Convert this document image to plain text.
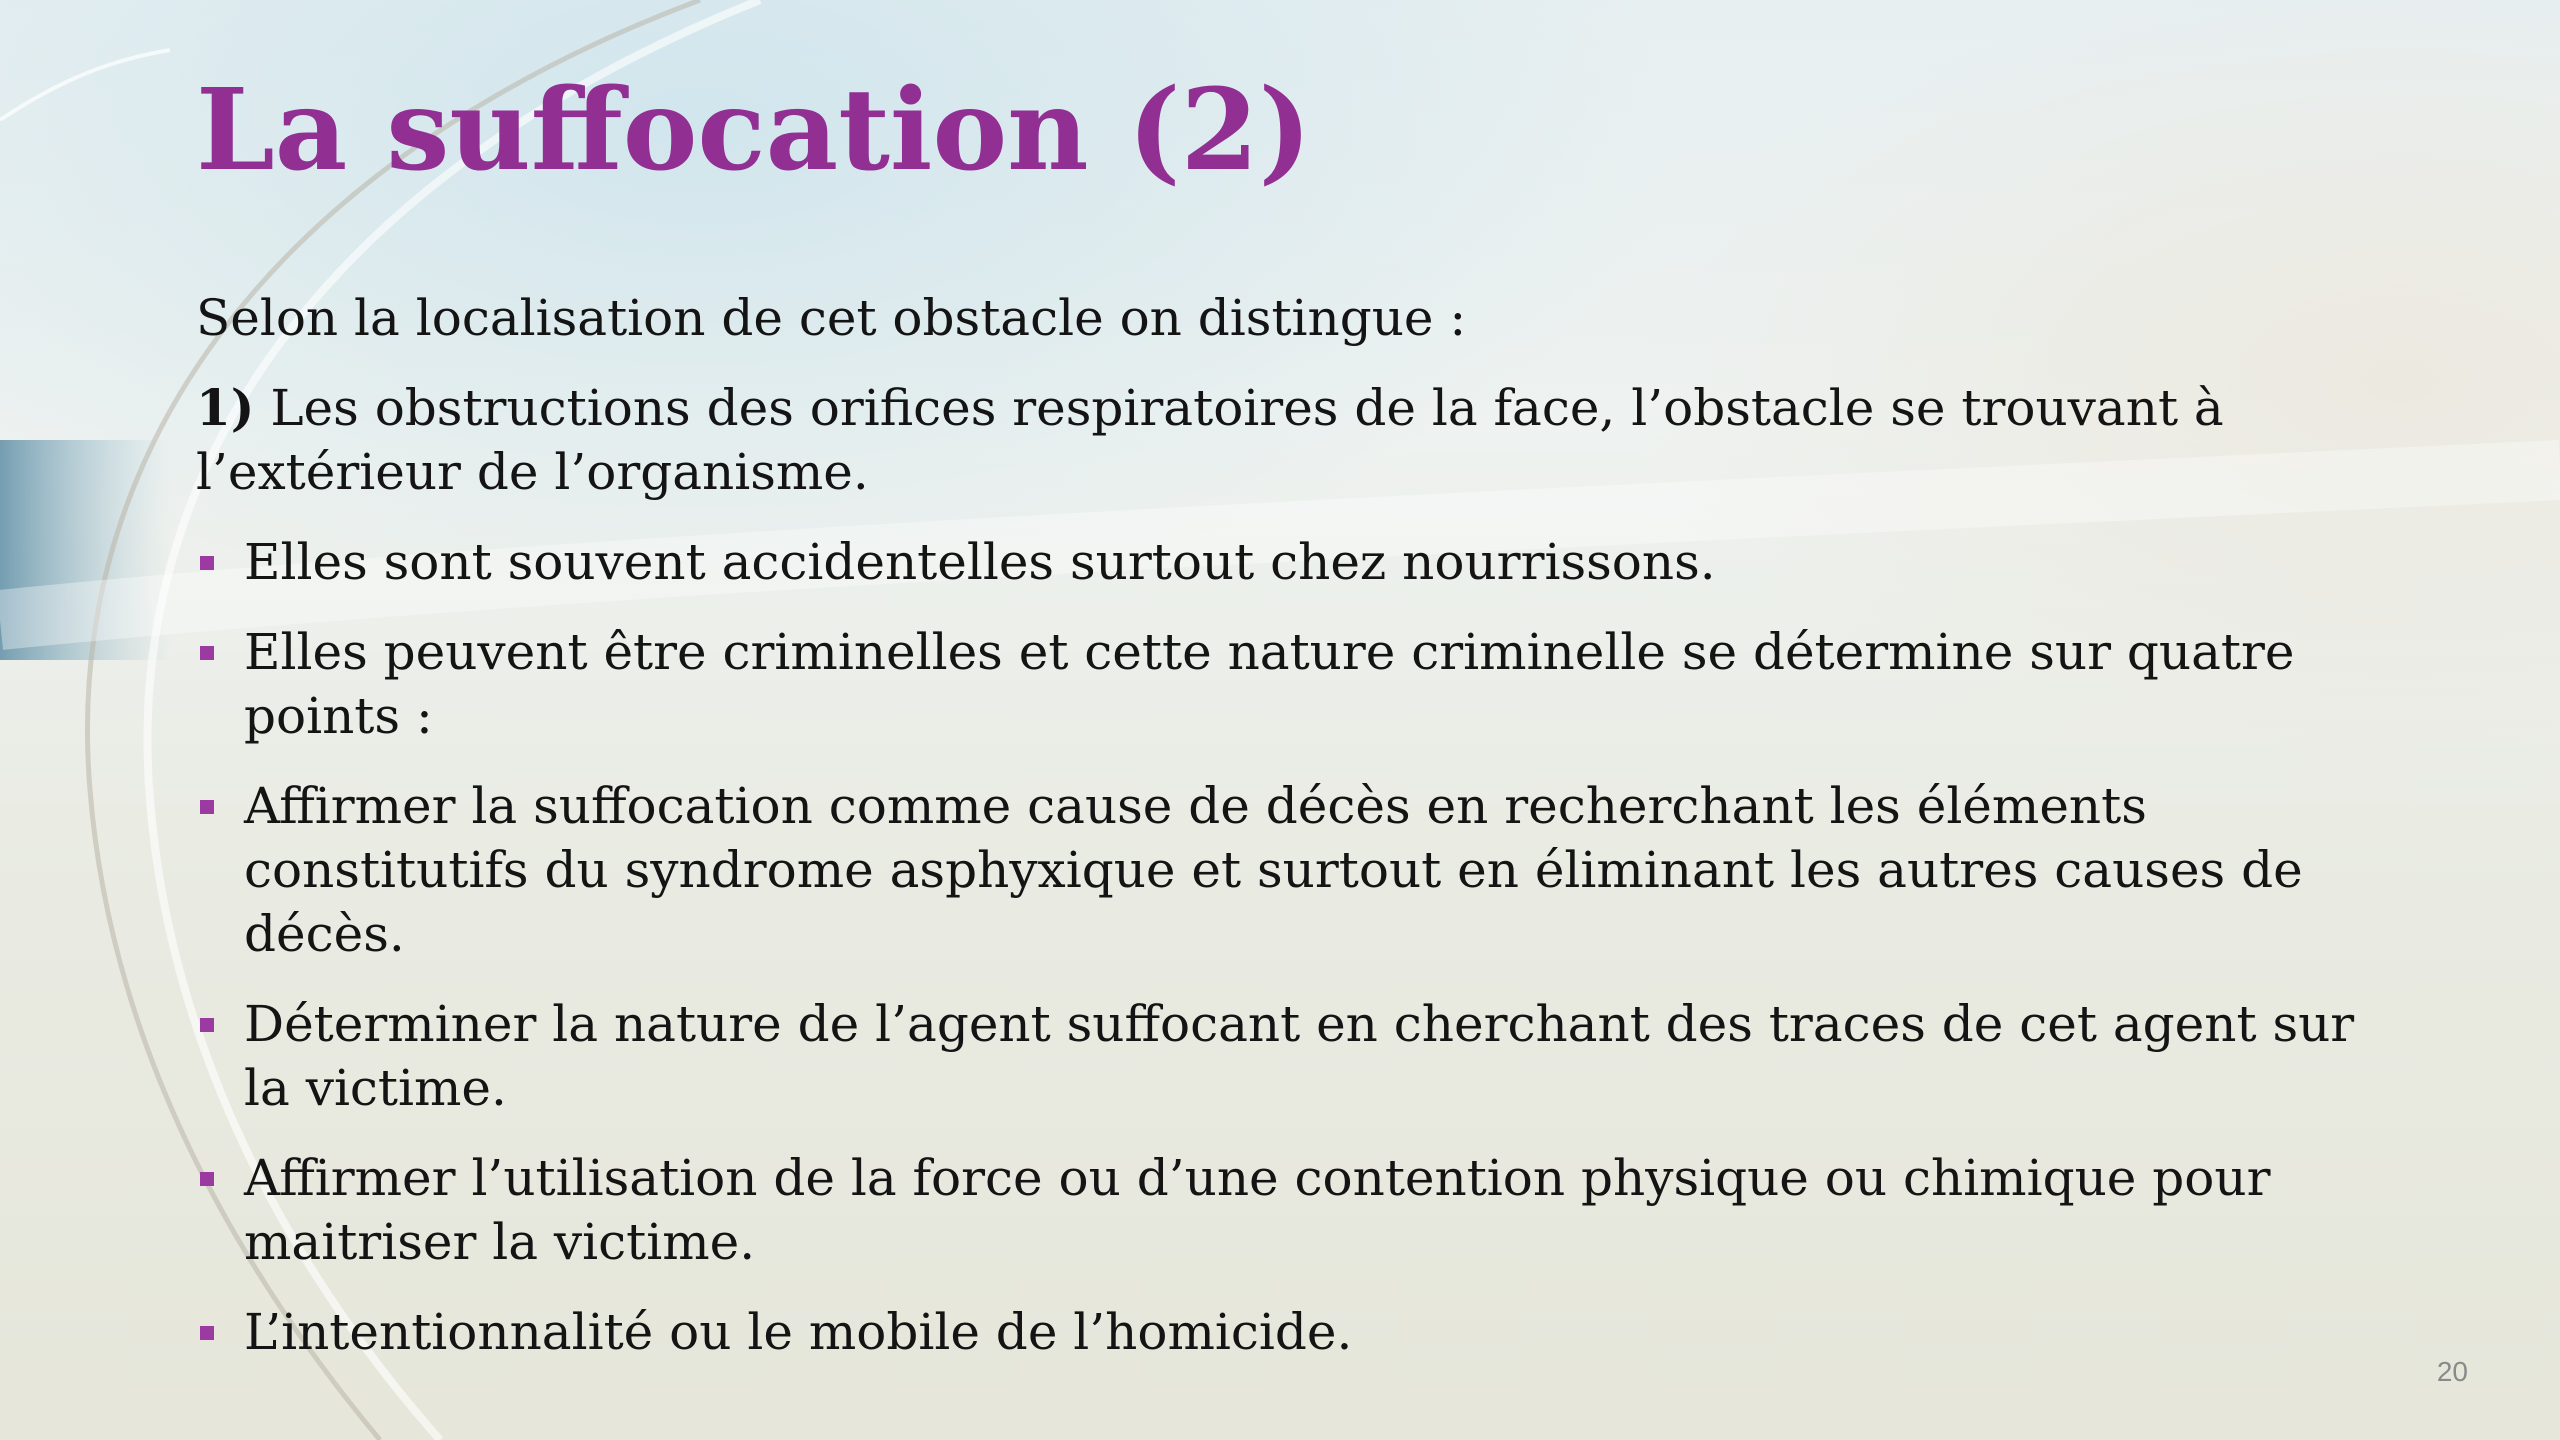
La suffocation (2)

Selon la localisation de cet obstacle on distingue :

1) Les obstructions des orifices respiratoires de la face, l’obstacle se trouvant à l’extérieur de l’organisme.

Elles sont souvent accidentelles surtout chez nourrissons.
Elles peuvent être criminelles et cette nature criminelle se détermine sur quatre points :
Affirmer la suffocation comme cause de décès en recherchant les éléments constitutifs du syndrome asphyxique et surtout en éliminant les autres causes de décès.
Déterminer la nature de l’agent suffocant en cherchant des traces de cet agent sur la victime.
Affirmer l’utilisation de la force ou d’une contention physique ou chimique pour maitriser la victime.
L’intentionnalité ou le mobile de l’homicide.
20
